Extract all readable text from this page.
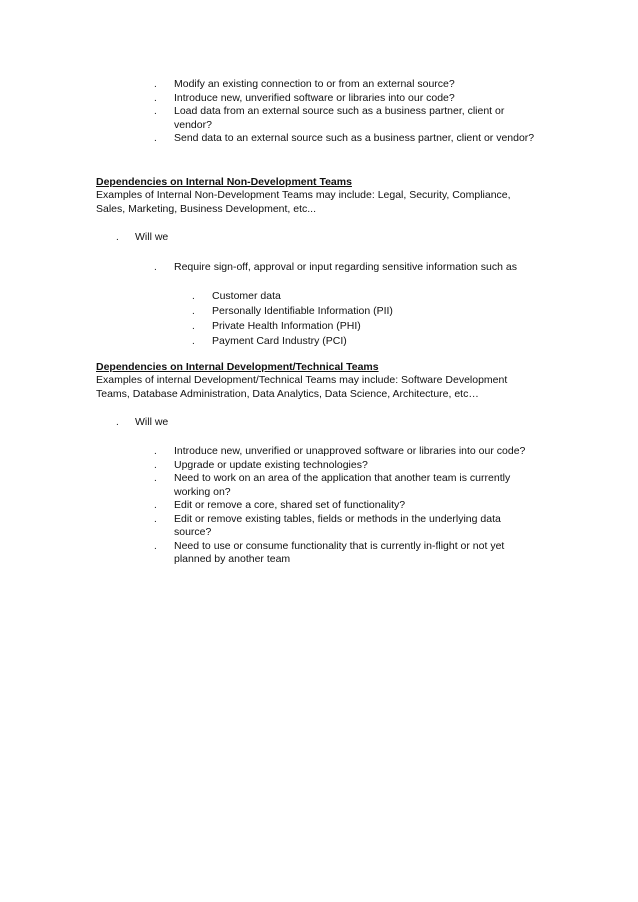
. Modify an existing connection to or from an external source?
. Introduce new, unverified software or libraries into our code?
. Load data from an external source such as a business partner, client or vendor?
. Send data to an external source such as a business partner, client or vendor?
Dependencies on Internal Non-Development Teams
Examples of Internal Non-Development Teams may include: Legal, Security, Compliance, Sales, Marketing, Business Development, etc...
. Will we
. Require sign-off, approval or input regarding sensitive information such as
. Customer data
. Personally Identifiable Information (PII)
. Private Health Information (PHI)
. Payment Card Industry (PCI)
Dependencies on Internal Development/Technical Teams
Examples of internal Development/Technical Teams may include: Software Development Teams, Database Administration, Data Analytics, Data Science, Architecture, etc…
. Will we
. Introduce new, unverified or unapproved software or libraries into our code?
. Upgrade or update existing technologies?
. Need to work on an area of the application that another team is currently working on?
. Edit or remove a core, shared set of functionality?
. Edit or remove existing tables, fields or methods in the underlying data source?
. Need to use or consume functionality that is currently in-flight or not yet planned by another team
